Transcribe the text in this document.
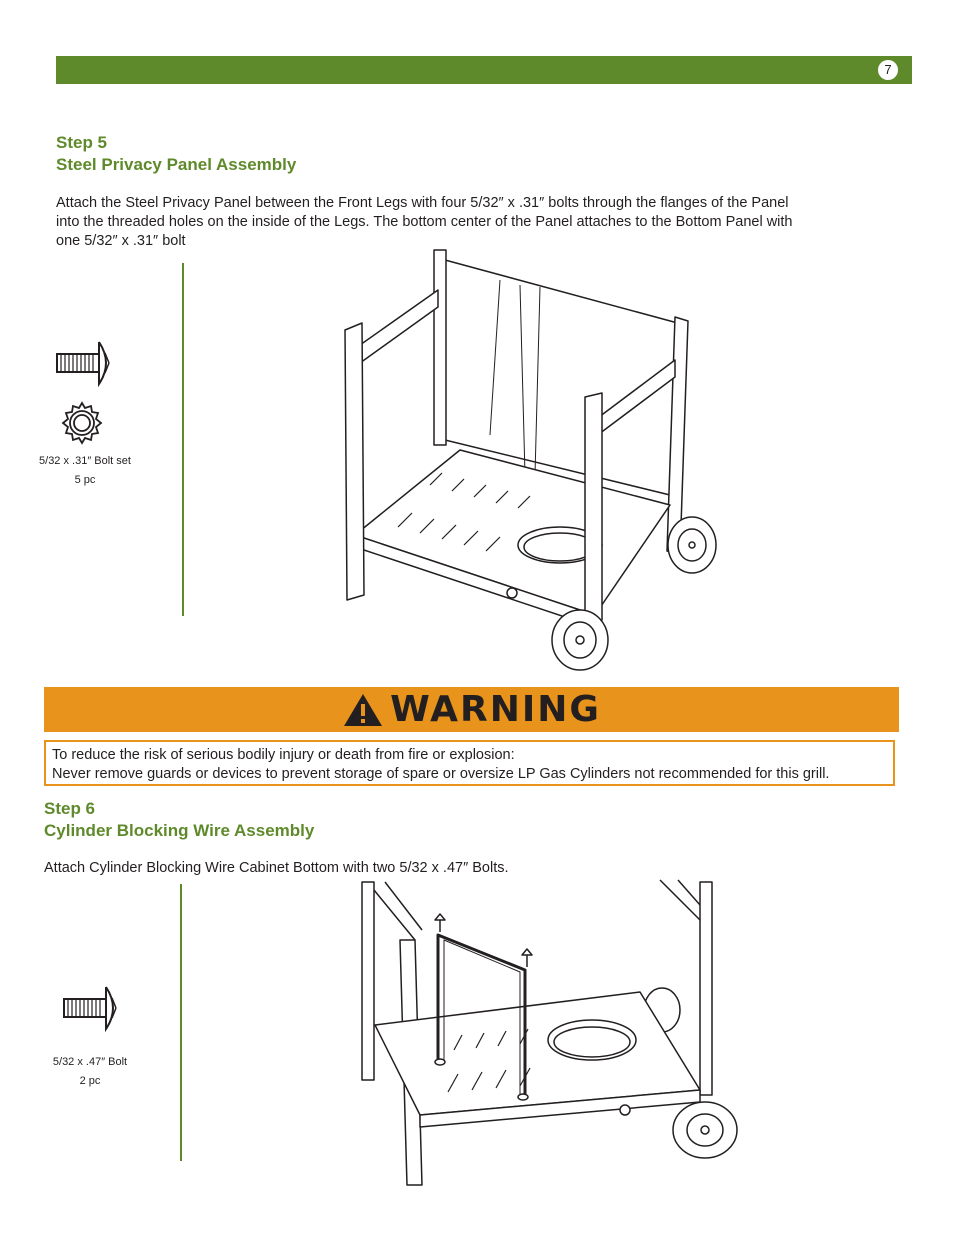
7

Step 5

Steel Privacy Panel Assembly

Attach the Steel Privacy Panel between the Front Legs with four 5/32″ x .31″ bolts through the flanges of the Panel

into the threaded holes on the inside of the Legs. The bottom center of the Panel attaches to the Bottom Panel with

one 5/32″ x .31″ bolt

5/32 x .31″ Bolt set
5 pc
WARNING
To reduce the risk of serious bodily injury or death from fire or explosion:
Never remove guards or devices to prevent storage of spare or oversize LP Gas Cylinders not recommended for this grill.

Step 6

Cylinder Blocking Wire Assembly

Attach Cylinder Blocking Wire Cabinet Bottom with two 5/32 x .47″ Bolts.

5/32 x .47″ Bolt
2 pc
